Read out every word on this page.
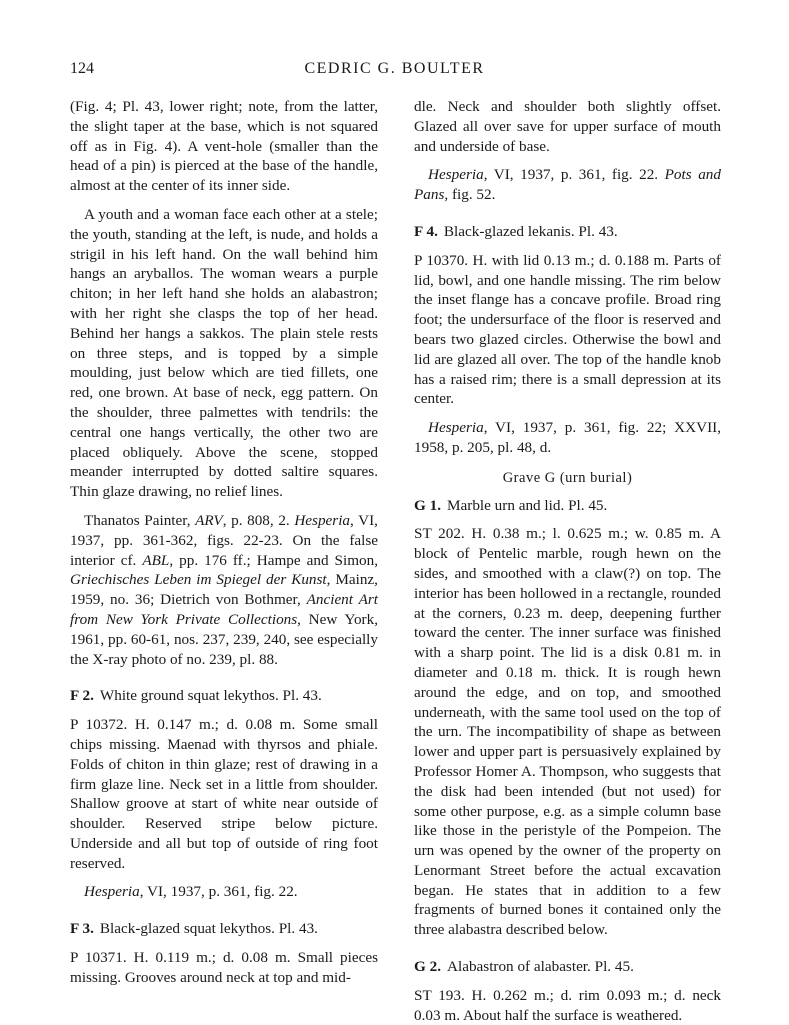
124	CEDRIC G. BOULTER

(Fig. 4; Pl. 43, lower right; note, from the latter, the slight taper at the base, which is not squared off as in Fig. 4). A vent-hole (smaller than the head of a pin) is pierced at the base of the handle, almost at the center of its inner side.

A youth and a woman face each other at a stele; the youth, standing at the left, is nude, and holds a strigil in his left hand. On the wall behind him hangs an aryballos. The woman wears a purple chiton; in her left hand she holds an alabastron; with her right she clasps the top of her head. Behind her hangs a sakkos. The plain stele rests on three steps, and is topped by a simple moulding, just below which are tied fillets, one red, one brown. At base of neck, egg pattern. On the shoulder, three palmettes with tendrils: the central one hangs vertically, the other two are placed obliquely. Above the scene, stopped meander interrupted by dotted saltire squares. Thin glaze drawing, no relief lines.

Thanatos Painter, ARV, p. 808, 2. Hesperia, VI, 1937, pp. 361-362, figs. 22-23. On the false interior cf. ABL, pp. 176 ff.; Hampe and Simon, Griechisches Leben im Spiegel der Kunst, Mainz, 1959, no. 36; Dietrich von Bothmer, Ancient Art from New York Private Collections, New York, 1961, pp. 60-61, nos. 237, 239, 240, see especially the X-ray photo of no. 239, pl. 88.

F 2. White ground squat lekythos. Pl. 43.

P 10372. H. 0.147 m.; d. 0.08 m. Some small chips missing. Maenad with thyrsos and phiale. Folds of chiton in thin glaze; rest of drawing in a firm glaze line. Neck set in a little from shoulder. Shallow groove at start of white near outside of shoulder. Reserved stripe below picture. Underside and all but top of outside of ring foot reserved.

Hesperia, VI, 1937, p. 361, fig. 22.

F 3. Black-glazed squat lekythos. Pl. 43.

P 10371. H. 0.119 m.; d. 0.08 m. Small pieces missing. Grooves around neck at top and mid-

dle. Neck and shoulder both slightly offset. Glazed all over save for upper surface of mouth and underside of base.

Hesperia, VI, 1937, p. 361, fig. 22. Pots and Pans, fig. 52.

F 4. Black-glazed lekanis. Pl. 43.

P 10370. H. with lid 0.13 m.; d. 0.188 m. Parts of lid, bowl, and one handle missing. The rim below the inset flange has a concave profile. Broad ring foot; the undersurface of the floor is reserved and bears two glazed circles. Otherwise the bowl and lid are glazed all over. The top of the handle knob has a raised rim; there is a small depression at its center.

Hesperia, VI, 1937, p. 361, fig. 22; XXVII, 1958, p. 205, pl. 48, d.

Grave G (urn burial)

G 1. Marble urn and lid. Pl. 45.

ST 202. H. 0.38 m.; l. 0.625 m.; w. 0.85 m. A block of Pentelic marble, rough hewn on the sides, and smoothed with a claw(?) on top. The interior has been hollowed in a rectangle, rounded at the corners, 0.23 m. deep, deepening further toward the center. The inner surface was finished with a sharp point. The lid is a disk 0.81 m. in diameter and 0.18 m. thick. It is rough hewn around the edge, and on top, and smoothed underneath, with the same tool used on the top of the urn. The incompatibility of shape as between lower and upper part is persuasively explained by Professor Homer A. Thompson, who suggests that the disk had been intended (but not used) for some other purpose, e.g. as a simple column base like those in the peristyle of the Pompeion. The urn was opened by the owner of the property on Lenormant Street before the actual excavation began. He states that in addition to a few fragments of burned bones it contained only the three alabastra described below.

G 2. Alabastron of alabaster. Pl. 45.

ST 193. H. 0.262 m.; d. rim 0.093 m.; d. neck 0.03 m. About half the surface is weathered.
